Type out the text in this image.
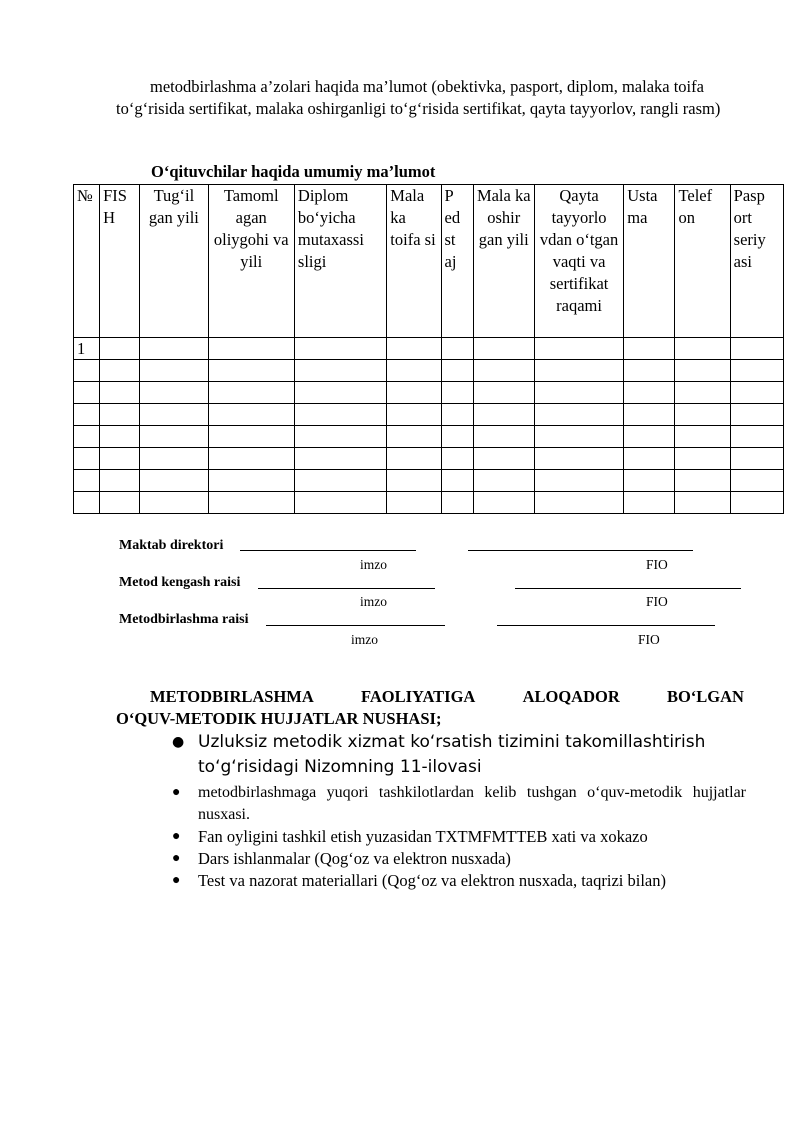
metodbirlashma a’zolari haqida ma’lumot (obektivka, pasport, diplom, malaka toifa to‘g‘risida sertifikat, malaka oshirganligi to‘g‘risida sertifikat, qayta tayyorlov, rangli rasm)

O‘qituvchilar haqida umumiy ma’lumot

№	FIS H	Tug‘il gan yili	Tamoml agan oliygohi va yili	Diplom bo‘yicha mutaxassi sligi	Mala ka toifa si	P ed st aj	Mala ka oshir gan yili	Qayta tayyorlo vdan o‘tgan vaqti va sertifikat raqami	Usta ma	Telef on	Pasp ort seriy asi
1											

Maktab direktori
imzo	FIO
Metod kengash raisi
imzo	FIO
Metodbirlashma raisi
imzo	FIO
METODBIRLASHMA	FAOLIYATIGA	ALOQADOR	BO‘LGAN
O‘QUV-METODIK HUJJATLAR NUSHASI;
● Uzluksiz metodik xizmat ko‘rsatish tizimini takomillashtirish to‘g‘risidagi Nizomning 11-ilovasi
● metodbirlashmaga yuqori tashkilotlardan kelib tushgan o‘quv-metodik hujjatlar nusxasi.
● Fan oyligini tashkil etish yuzasidan TXTMFMTTEB xati va xokazo
● Dars ishlanmalar (Qog‘oz va elektron nusxada)
● Test va nazorat materiallari (Qog‘oz va elektron nusxada, taqrizi bilan)
